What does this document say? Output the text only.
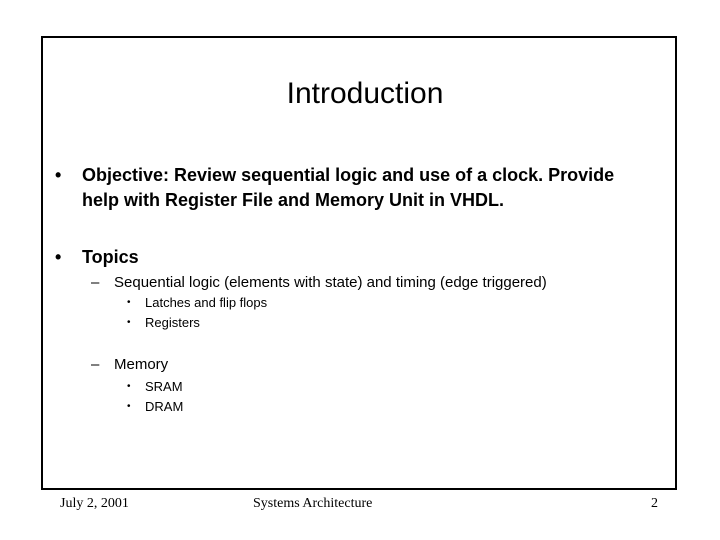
Introduction
• Objective: Review sequential logic and use of a clock. Provide
help with Register File and Memory Unit in VHDL.
• Topics
– Sequential logic (elements with state) and timing (edge triggered)
• Latches and flip flops
• Registers
– Memory
• SRAM
• DRAM
July 2, 2001	Systems Architecture	2
